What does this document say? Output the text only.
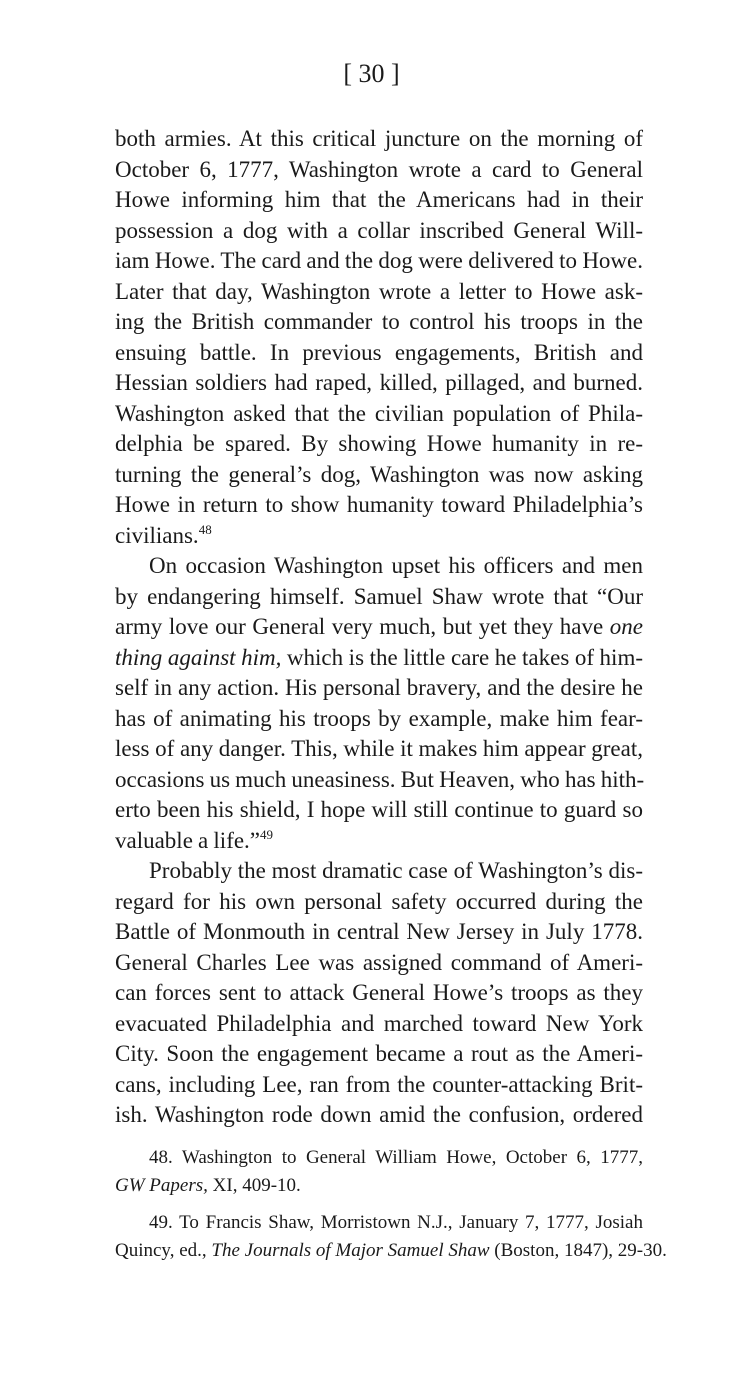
[ 30 ]

both armies. At this critical juncture on the morning of
October 6, 1777, Washington wrote a card to General
Howe informing him that the Americans had in their
possession a dog with a collar inscribed General Will-
iam Howe. The card and the dog were delivered to Howe.
Later that day, Washington wrote a letter to Howe ask-
ing the British commander to control his troops in the
ensuing battle. In previous engagements, British and
Hessian soldiers had raped, killed, pillaged, and burned.
Washington asked that the civilian population of Phila-
delphia be spared. By showing Howe humanity in re-
turning the general’s dog, Washington was now asking
Howe in return to show humanity toward Philadelphia’s
civilians.$^{48}$

On occasion Washington upset his officers and men
by endangering himself. Samuel Shaw wrote that “Our
army love our General very much, but yet they have one
thing against him, which is the little care he takes of him-
self in any action. His personal bravery, and the desire he
has of animating his troops by example, make him fear-
less of any danger. This, while it makes him appear great,
occasions us much uneasiness. But Heaven, who has hith-
erto been his shield, I hope will still continue to guard so
valuable a life.”$^{49}$

Probably the most dramatic case of Washington’s dis-
regard for his own personal safety occurred during the
Battle of Monmouth in central New Jersey in July 1778.
General Charles Lee was assigned command of Ameri-
can forces sent to attack General Howe’s troops as they
evacuated Philadelphia and marched toward New York
City. Soon the engagement became a rout as the Ameri-
cans, including Lee, ran from the counter-attacking Brit-
ish. Washington rode down amid the confusion, ordered

48. Washington to General William Howe, October 6, 1777,
GW Papers, XI, 409-10.

49. To Francis Shaw, Morristown N.J., January 7, 1777, Josiah
Quincy, ed., The Journals of Major Samuel Shaw (Boston, 1847), 29-30.
